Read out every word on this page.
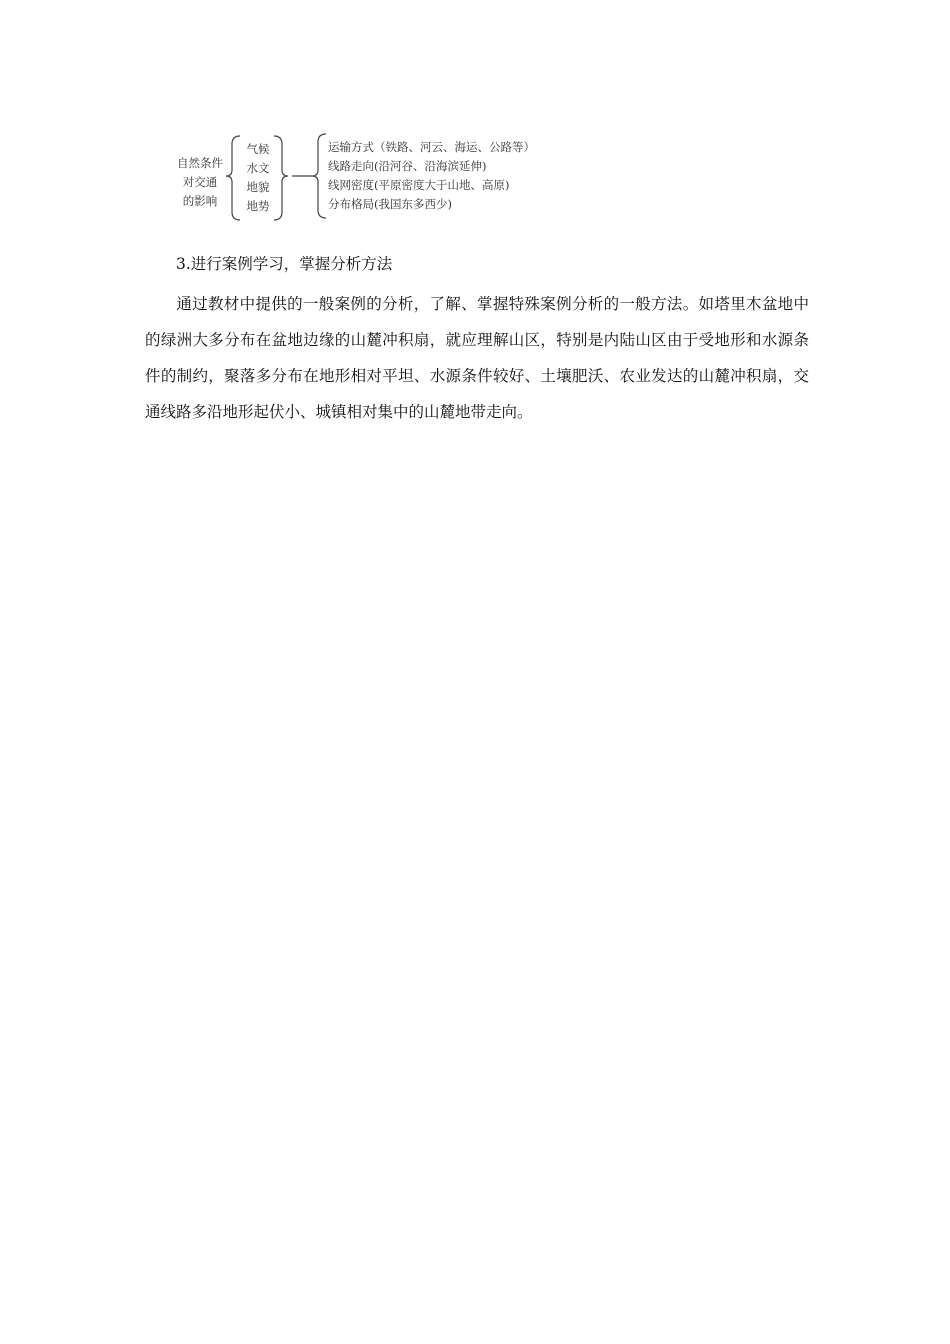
自然条件
对交通
的影响
气候
水文
地貌
地势
运输方式（铁路、河云、海运、公路等）
线路走向(沿河谷、沿海滨延伸)
线网密度(平原密度大于山地、高原)
分布格局(我国东多西少)
3.进行案例学习，掌握分析方法
通过教材中提供的一般案例的分析，了解、掌握特殊案例分析的一般方法。如塔里木盆地中的绿洲大多分布在盆地边缘的山麓冲积扇，就应理解山区，特别是内陆山区由于受地形和水源条件的制约，聚落多分布在地形相对平坦、水源条件较好、土壤肥沃、农业发达的山麓冲积扇，交通线路多沿地形起伏小、城镇相对集中的山麓地带走向。
